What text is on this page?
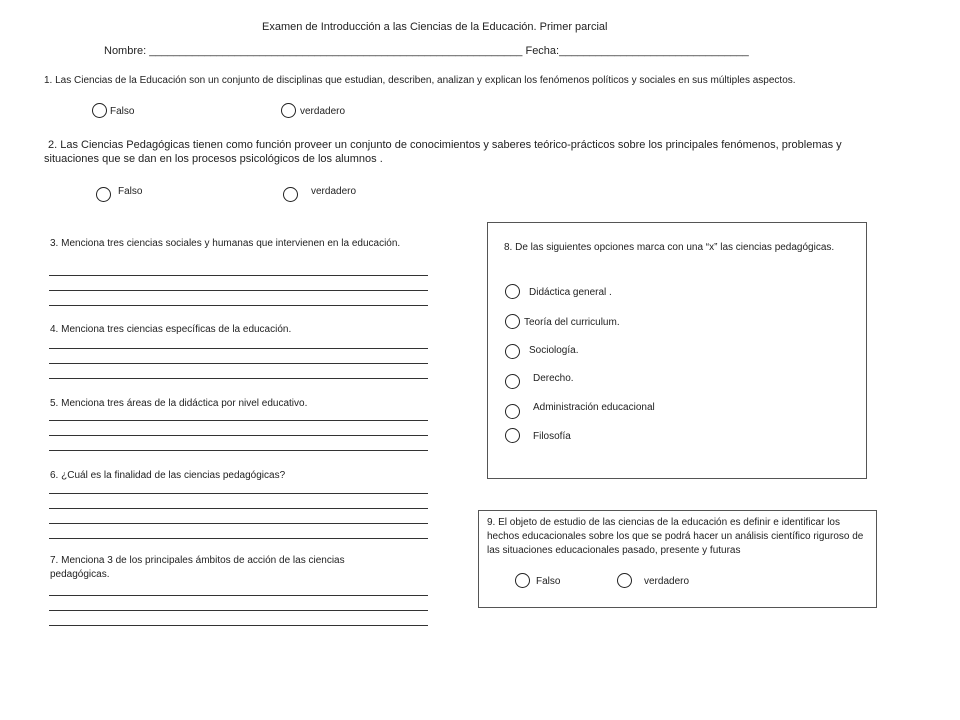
Examen de Introducción a las Ciencias de la Educación. Primer parcial
Nombre: _____________________________________________________________ Fecha:_______________________________
1. Las Ciencias de la Educación son un conjunto de disciplinas que estudian, describen, analizan y explican los fenómenos políticos y sociales en sus múltiples aspectos.
Falso	verdadero
2. Las Ciencias Pedagógicas tienen como función proveer un conjunto de conocimientos y saberes teórico-prácticos sobre los principales fenómenos, problemas y situaciones que se dan en los procesos psicológicos de los alumnos .
Falso	verdadero
3. Menciona tres ciencias sociales y humanas que intervienen en la educación.
4. Menciona tres ciencias específicas de la educación.
5. Menciona tres áreas de la didáctica por nivel educativo.
6. ¿Cuál es la finalidad de las ciencias pedagógicas?
7. Menciona 3 de los principales ámbitos de acción de las ciencias pedagógicas.
8. De las siguientes opciones marca con una “x” las ciencias pedagógicas.
Didáctica general .
Teoría del curriculum.
Sociología.
Derecho.
Administración educacional
Filosofía
9. El objeto de estudio de las ciencias de la educación es definir e identificar los hechos educacionales sobre los que se podrá hacer un análisis científico riguroso de las situaciones educacionales pasado, presente y futuras
Falso	verdadero
